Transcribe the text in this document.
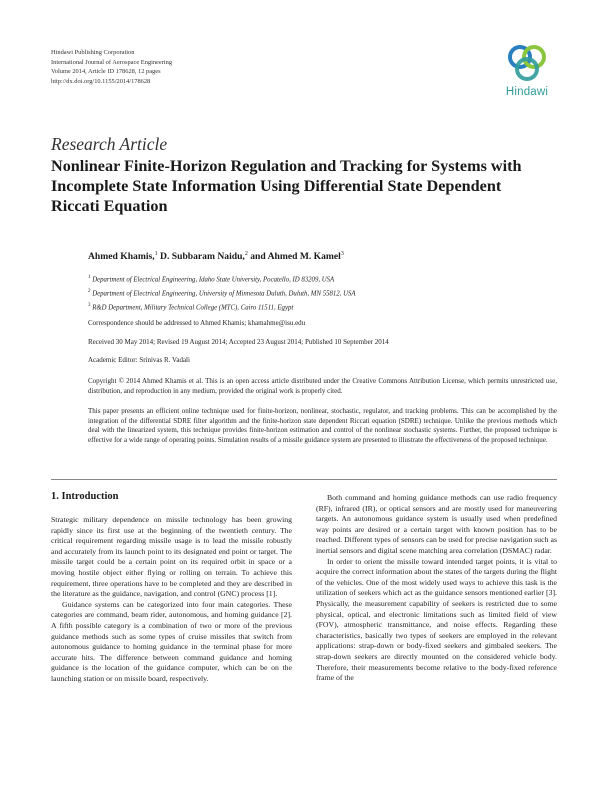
Hindawi Publishing Corporation
International Journal of Aerospace Engineering
Volume 2014, Article ID 178628, 12 pages
http://dx.doi.org/10.1155/2014/178628
Hindawi
Research Article
Nonlinear Finite-Horizon Regulation and Tracking for Systems with Incomplete State Information Using Differential State Dependent Riccati Equation
Ahmed Khamis,$^1$ D. Subbaram Naidu,$^2$ and Ahmed M. Kamel$^3$
$^1$ Department of Electrical Engineering, Idaho State University, Pocatello, ID 83209, USA
$^2$ Department of Electrical Engineering, University of Minnesota Duluth, Duluth, MN 55812, USA
$^3$ R&D Department, Military Technical College (MTC), Cairo 11511, Egypt
Correspondence should be addressed to Ahmed Khamis; khamahme@isu.edu
Received 30 May 2014; Revised 19 August 2014; Accepted 23 August 2014; Published 10 September 2014
Academic Editor: Srinivas R. Vadali

Copyright © 2014 Ahmed Khamis et al. This is an open access article distributed under the Creative Commons Attribution License, which permits unrestricted use, distribution, and reproduction in any medium, provided the original work is properly cited.

This paper presents an efficient online technique used for finite-horizon, nonlinear, stochastic, regulator, and tracking problems. This can be accomplished by the integration of the differential SDRE filter algorithm and the finite-horizon state dependent Riccati equation (SDRE) technique. Unlike the previous methods which deal with the linearized system, this technique provides finite-horizon estimation and control of the nonlinear stochastic systems. Further, the proposed technique is effective for a wide range of operating points. Simulation results of a missile guidance system are presented to illustrate the effectiveness of the proposed technique.

1. Introduction

Strategic military dependence on missile technology has been growing rapidly since its first use at the beginning of the twentieth century. The critical requirement regarding missile usage is to lead the missile robustly and accurately from its launch point to its designated end point or target. The missile target could be a certain point on its required orbit in space or a moving hostile object either flying or rolling on terrain. To achieve this requirement, three operations have to be completed and they are described in the literature as the guidance, navigation, and control (GNC) process [1].

Guidance systems can be categorized into four main categories. These categories are command, beam rider, autonomous, and homing guidance [2]. A fifth possible category is a combination of two or more of the previous guidance methods such as some types of cruise missiles that switch from autonomous guidance to homing guidance in the terminal phase for more accurate hits. The difference between command guidance and homing guidance is the location of the guidance computer, which can be on the launching station or on missile board, respectively.

Both command and homing guidance methods can use radio frequency (RF), infrared (IR), or optical sensors and are mostly used for maneuvering targets. An autonomous guidance system is usually used when predefined way points are desired or a certain target with known position has to be reached. Different types of sensors can be used for precise navigation such as inertial sensors and digital scene matching area correlation (DSMAC) radar.

In order to orient the missile toward intended target points, it is vital to acquire the correct information about the states of the targets during the flight of the vehicles. One of the most widely used ways to achieve this task is the utilization of seekers which act as the guidance sensors mentioned earlier [3]. Physically, the measurement capability of seekers is restricted due to some physical, optical, and electronic limitations such as limited field of view (FOV), atmospheric transmittance, and noise effects. Regarding these characteristics, basically two types of seekers are employed in the relevant applications: strap-down or body-fixed seekers and gimbaled seekers. The strap-down seekers are directly mounted on the considered vehicle body. Therefore, their measurements become relative to the body-fixed reference frame of the
